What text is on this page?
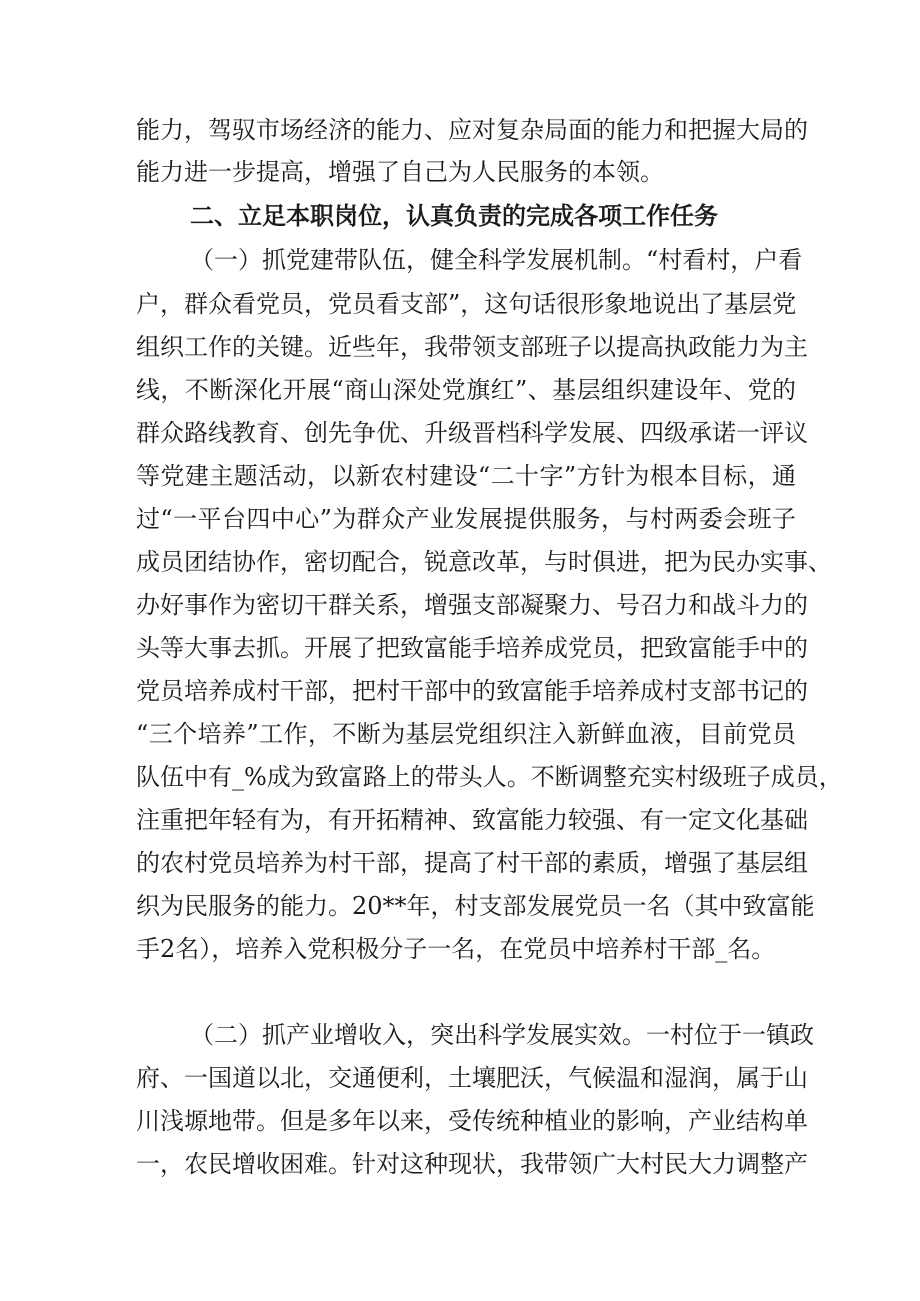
能力，驾驭市场经济的能力、应对复杂局面的能力和把握大局的
能力进一步提高，增强了自己为人民服务的本领。
二、立足本职岗位，认真负责的完成各项工作任务
（一）抓党建带队伍，健全科学发展机制。“村看村，户看
户，群众看党员，党员看支部”，这句话很形象地说出了基层党
组织工作的关键。近些年，我带领支部班子以提高执政能力为主
线，不断深化开展“商山深处党旗红”、基层组织建设年、党的
群众路线教育、创先争优、升级晋档科学发展、四级承诺一评议
等党建主题活动，以新农村建设“二十字”方针为根本目标，通
过“一平台四中心”为群众产业发展提供服务，与村两委会班子
成员团结协作，密切配合，锐意改革，与时俱进，把为民办实事、
办好事作为密切干群关系，增强支部凝聚力、号召力和战斗力的
头等大事去抓。开展了把致富能手培养成党员，把致富能手中的
党员培养成村干部，把村干部中的致富能手培养成村支部书记的
“三个培养”工作，不断为基层党组织注入新鲜血液，目前党员
队伍中有_%成为致富路上的带头人。不断调整充实村级班子成员，
注重把年轻有为，有开拓精神、致富能力较强、有一定文化基础
的农村党员培养为村干部，提高了村干部的素质，增强了基层组
织为民服务的能力。20**年，村支部发展党员一名（其中致富能
手2名），培养入党积极分子一名，在党员中培养村干部_名。
（二）抓产业增收入，突出科学发展实效。一村位于一镇政
府、一国道以北，交通便利，土壤肥沃，气候温和湿润，属于山
川浅塬地带。但是多年以来，受传统种植业的影响，产业结构单
一，农民增收困难。针对这种现状，我带领广大村民大力调整产
